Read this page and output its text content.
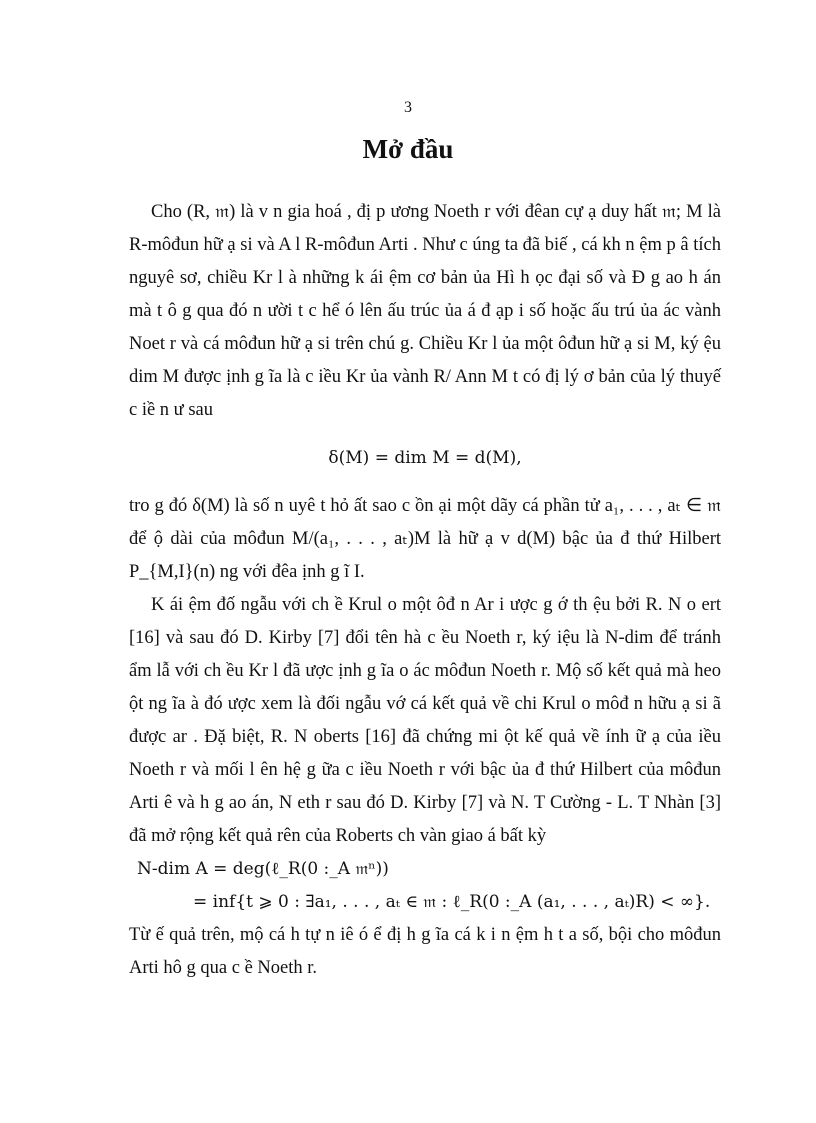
3
Mở đầu

Cho (R, 𝔪) là v n gia hoá , đị p ương Noeth r với đêan cự ạ duy hất 𝔪; M là R-môđun hữ ạ si và A l R-môđun Arti . Như c úng ta đã biế , cá kh n ệm p â tích nguyê sơ, chiều Kr l à những k ái ệm cơ bản ủa Hì h ọc đại số và Đ g ao h án mà t ô g qua đó n ười t c hể ó lên ấu trúc ủa á đ ạp i số hoặc ấu trú ủa ác vành Noet r và cá môđun hữ ạ si trên chú g. Chiều Kr l ủa một ôđun hữ ạ si M, ký ệu dim M được ịnh g ĩa là c iều Kr ủa vành R/ Ann M t có đị lý ơ bản của lý thuyế c iề n ư sau

δ(M) = dim M = d(M),

tro g đó δ(M) là số n uyê t hỏ ất sao c ồn ại một dãy cá phần tử a₁, . . . , aₜ ∈ 𝔪 để ộ dài của môđun M/(a₁, . . . , aₜ)M là hữ ạ v d(M) bậc ủa đ thứ Hilbert P_{M,I}(n) ng với đêa ịnh g ĩ I.

K ái ệm đố ngẫu với ch ề Krul o một ôđ n Ar i ược g ớ th ệu bởi R. N o ert [16] và sau đó D. Kirby [7] đổi tên hà c ều Noeth r, ký iệu là N-dim để tránh ẩm lẫ với ch ều Kr l đã ược ịnh g ĩa o ác môđun Noeth r. Mộ số kết quả mà heo ột ng ĩa à đó ược xem là đối ngẫu vớ cá kết quả về chi Krul o môđ n hữu ạ si ã được ar . Đặ biệt, R. N oberts [16] đã chứng mi ột kế quả về ính ữ ạ của iều Noeth r và mối l ên hệ g ữa c iều Noeth r với bậc ủa đ thứ Hilbert của môđun Arti ê và h g ao án, N eth r sau đó D. Kirby [7] và N. T Cường - L. T Nhàn [3] đã mở rộng kết quả rên của Roberts ch vàn giao á bất kỳ

N-dim A = deg(ℓ_R(0 :_A 𝔪ⁿ))

= inf{t ⩾ 0 : ∃a₁, . . . , aₜ ∈ 𝔪 : ℓ_R(0 :_A (a₁, . . . , aₜ)R) < ∞}.

Từ ế quả trên, mộ cá h tự n iê ó ể đị h g ĩa cá k i n ệm h t a số, bội cho môđun Arti hô g qua c ề Noeth r.
